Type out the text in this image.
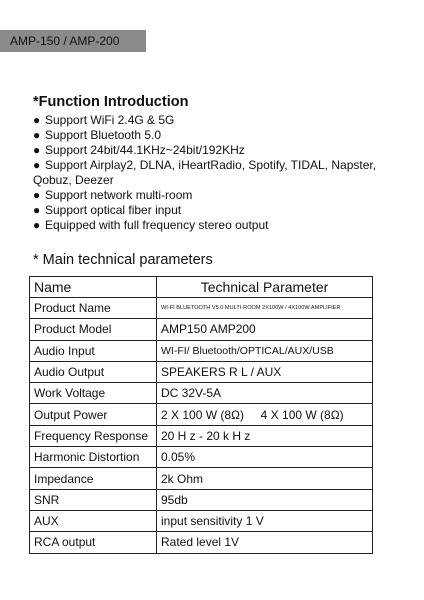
AMP-150 / AMP-200
*Function Introduction
● Support WiFi 2.4G & 5G
● Support Bluetooth 5.0
● Support 24bit/44.1KHz~24bit/192KHz
● Support Airplay2, DLNA, iHeartRadio, Spotify, TIDAL, Napster, Qobuz, Deezer
● Support network multi-room
● Support optical fiber input
● Equipped with full frequency stereo output
* Main technical parameters
Name	Technical Parameter
Product Name	WI-FI BLUETOOTH V5.0 MULTI-ROOM 2X100W / 4X100W AMPLIFIER
Product Model	AMP150 AMP200
Audio Input	WI-FI/ Bluetooth/OPTICAL/AUX/USB
Audio Output	SPEAKERS R L / AUX
Work Voltage	DC 32V-5A
Output Power	2 X 100 W (8Ω)     4 X 100 W (8Ω)
Frequency Response	20 H z - 20 k H z
Harmonic Distortion	0.05%
Impedance	2k Ohm
SNR	95db
AUX	input sensitivity 1 V
RCA output	Rated level 1V
